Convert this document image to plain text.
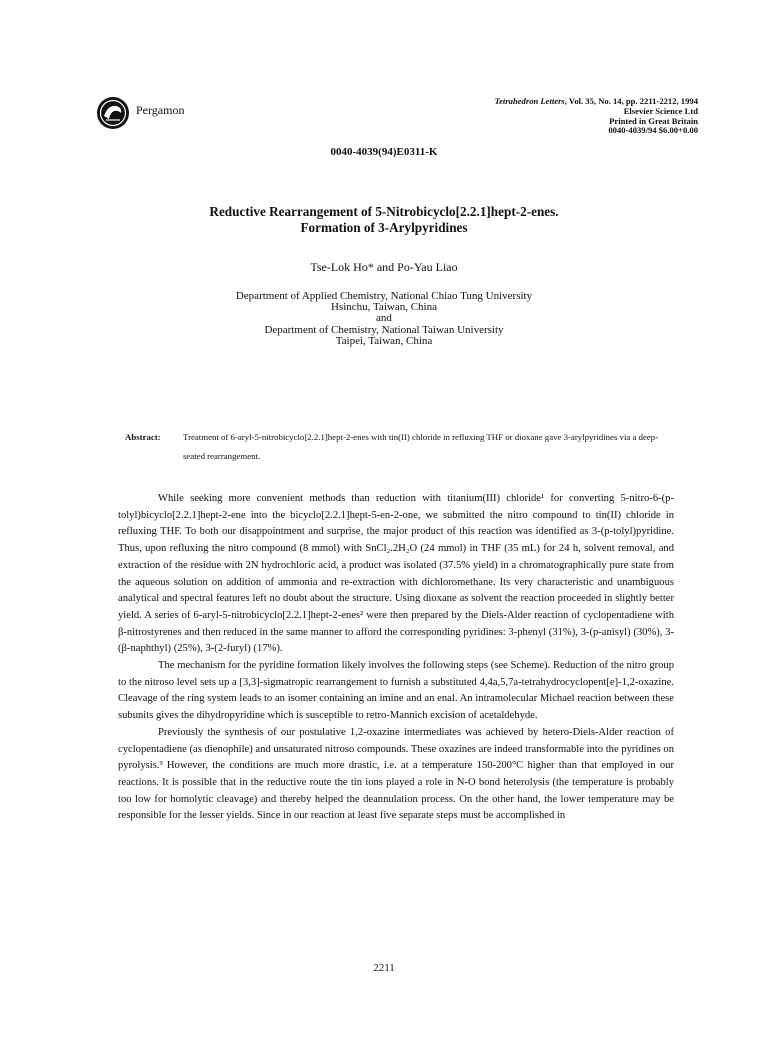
Pergamon
Tetrahedron Letters, Vol. 35, No. 14, pp. 2211-2212, 1994
Elsevier Science Ltd
Printed in Great Britain
0040-4039/94 $6.00+0.00
0040-4039(94)E0311-K
Reductive Rearrangement of 5-Nitrobicyclo[2.2.1]hept-2-enes.
Formation of 3-Arylpyridines
Tse-Lok Ho* and Po-Yau Liao
Department of Applied Chemistry, National Chiao Tung University
Hsinchu, Taiwan, China
and
Department of Chemistry, National Taiwan University
Taipei, Taiwan, China
Abstract:	Treatment of 6-aryl-5-nitrobicyclo[2.2.1]hept-2-enes with tin(II) chloride in refluxing THF or dioxane gave 3-arylpyridines via a deep-seated rearrangement.

While seeking more convenient methods than reduction with titanium(III) chloride¹ for converting 5-nitro-6-(p-tolyl)bicyclo[2.2.1]hept-2-ene into the bicyclo[2.2.1]hept-5-en-2-one, we submitted the nitro compound to tin(II) chloride in refluxing THF. To both our disappointment and surprise, the major product of this reaction was identified as 3-(p-tolyl)pyridine. Thus, upon refluxing the nitro compound (8 mmol) with SnCl₂.2H₂O (24 mmol) in THF (35 mL) for 24 h, solvent removal, and extraction of the residue with 2N hydrochloric acid, a product was isolated (37.5% yield) in a chromatographically pure state from the aqueous solution on addition of ammonia and re-extraction with dichloromethane. Its very characteristic and unambiguous analytical and spectral features left no doubt about the structure. Using dioxane as solvent the reaction proceeded in slightly better yield. A series of 6-aryl-5-nitrobicyclo[2.2.1]hept-2-enes² were then prepared by the Diels-Alder reaction of cyclopentadiene with β-nitrostyrenes and then reduced in the same manner to afford the corresponding pyridines: 3-phenyl (31%), 3-(p-anisyl) (30%), 3-(β-naphthyl) (25%), 3-(2-furyl) (17%).

The mechanism for the pyridine formation likely involves the following steps (see Scheme). Reduction of the nitro group to the nitroso level sets up a [3,3]-sigmatropic rearrangement to furnish a substituted 4,4a,5,7a-tetrahydrocyclopent[e]-1,2-oxazine. Cleavage of the ring system leads to an isomer containing an imine and an enal. An intramolecular Michael reaction between these subunits gives the dihydropyridine which is susceptible to retro-Mannich excision of acetaldehyde.

Previously the synthesis of our postulative 1,2-oxazine intermediates was achieved by hetero-Diels-Alder reaction of cyclopentadiene (as dienophile) and unsaturated nitroso compounds. These oxazines are indeed transformable into the pyridines on pyrolysis.³ However, the conditions are much more drastic, i.e. at a temperature 150-200°C higher than that employed in our reactions. It is possible that in the reductive route the tin ions played a role in N-O bond heterolysis (the temperature is probably too low for homolytic cleavage) and thereby helped the deannulation process. On the other hand, the lower temperature may be responsible for the lesser yields. Since in our reaction at least five separate steps must be accomplished in

2211
